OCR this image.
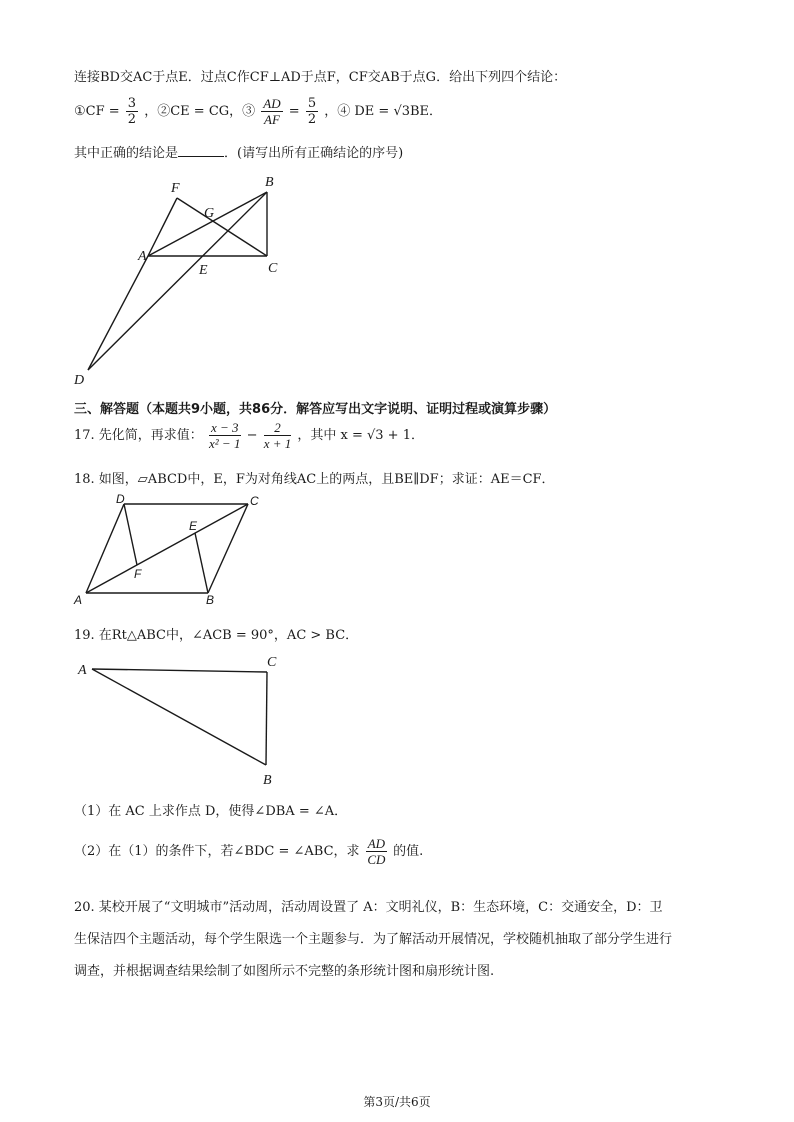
连接BD交AC于点E．过点C作CF⊥AD于点F，CF交AB于点G．给出下列四个结论：
①CF = $\frac{3}{2}$ ，②CE = CG，③ $\frac{AD}{AF} = \frac{5}{2}$ ，④ DE = √3BE．
其中正确的结论是	．(请写出所有正确结论的序号)
F	B
G
A
E	C
D
三、解答题（本题共9小题，共86分．解答应写出文字说明、证明过程或演算步骤）
17. 先化简，再求值： $\frac{x - 3}{\text{x² − 1}} - \frac{2}{x + 1}$ ，其中 x = √3 + 1．
18. 如图，▱ABCD中，E，F为对角线AC上的两点，且BE∥DF；求证：AE＝CF．
D	C
E
F
A	B
19. 在Rt△ABC中，∠ACB = 90°，AC > BC．
A
C
B
（1）在 AC 上求作点 D，使得∠DBA = ∠A．
（2）在（1）的条件下，若∠BDC = ∠ABC，求 $\frac{AD}{CD}$ 的值.
20. 某校开展了“文明城市”活动周，活动周设置了 A：文明礼仪，B：生态环境，C：交通安全，D：卫
生保洁四个主题活动，每个学生限选一个主题参与．为了解活动开展情况，学校随机抽取了部分学生进行
调查，并根据调查结果绘制了如图所示不完整的条形统计图和扇形统计图.
第3页/共6页
